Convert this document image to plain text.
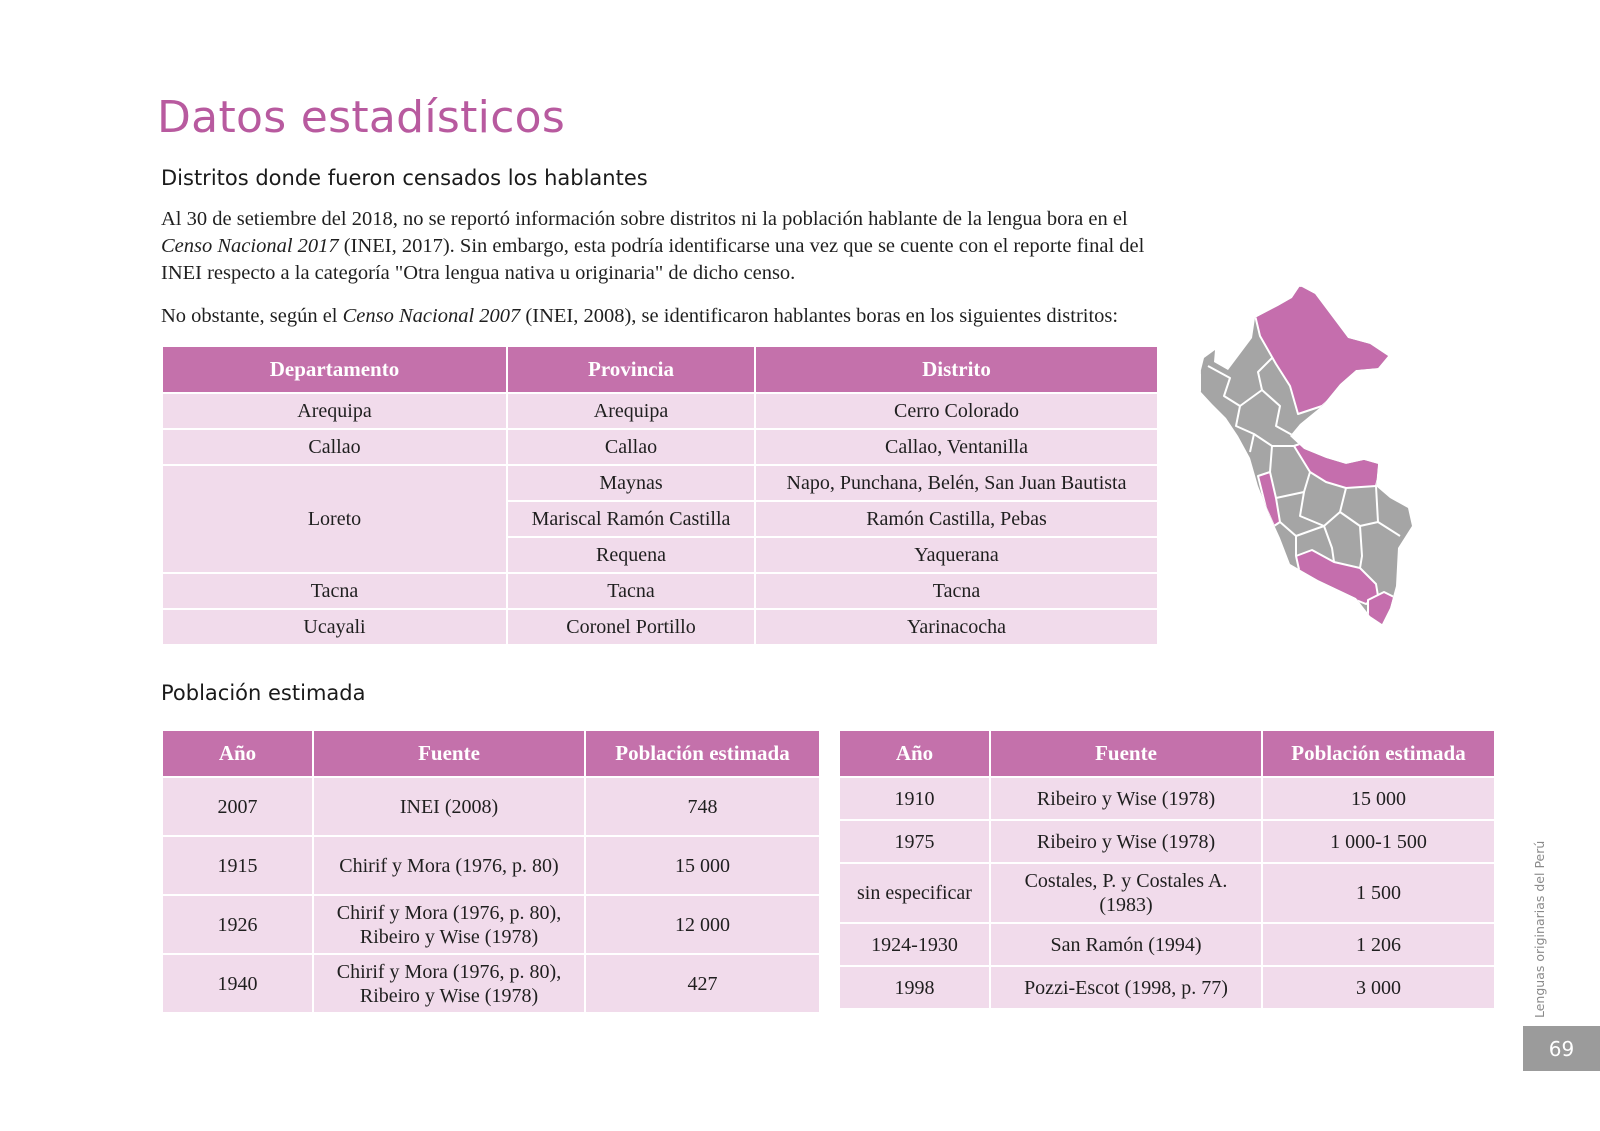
Datos estadísticos
Distritos donde fueron censados los hablantes

Al 30 de setiembre del 2018, no se reportó información sobre distritos ni la población hablante de la lengua bora en el Censo Nacional 2017 (INEI, 2017). Sin embargo, esta podría identificarse una vez que se cuente con el reporte final del INEI respecto a la categoría "Otra lengua nativa u originaria" de dicho censo.

No obstante, según el Censo Nacional 2007 (INEI, 2008), se identificaron hablantes boras en los siguientes distritos:

Departamento	Provincia	Distrito
Arequipa	Arequipa	Cerro Colorado
Callao	Callao	Callao, Ventanilla
Loreto	Maynas	Napo, Punchana, Belén, San Juan Bautista
	Mariscal Ramón Castilla	Ramón Castilla, Pebas
	Requena	Yaquerana
Tacna	Tacna	Tacna
Ucayali	Coronel Portillo	Yarinacocha
Población estimada
Año	Fuente	Población estimada
2007	INEI (2008)	748
1915	Chirif y Mora (1976, p. 80)	15 000
1926	Chirif y Mora (1976, p. 80),
Ribeiro y Wise (1978)	12 000
1940	Chirif y Mora (1976, p. 80),
Ribeiro y Wise (1978)	427
Año	Fuente	Población estimada
1910	Ribeiro y Wise (1978)	15 000
1975	Ribeiro y Wise (1978)	1 000-1 500
sin especificar	Costales, P. y Costales A.
(1983)	1 500
1924-1930	San Ramón (1994)	1 206
1998	Pozzi-Escot (1998, p. 77)	3 000	Lenguas originarias del Perú
69
